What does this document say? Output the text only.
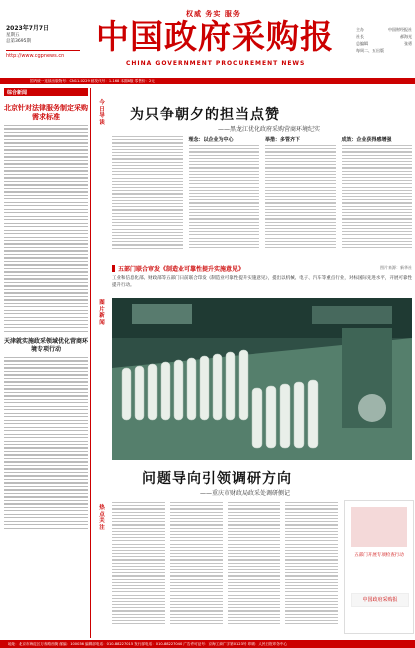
2023年7月7日
星期五
总第3695期
http://www.cgpnews.cn
权威 务实 服务
中国政府采购报
CHINA GOVERNMENT PROCUREMENT NEWS
主办	中国财经报社
社长	郝海光
总编辑	张勇
每周二、五出版
国内统一连续出版物号：CN11-0229 邮发代号：1-168 本期8版 零售价：2元
综合新闻
北京针对法律服务制定采购需求标准
天津就实施政采领域优化营商环境专项行动
今日导读
图片新闻
热点关注
为只争朝夕的担当点赞
——黑龙江优化政府采购营商环境纪实
理念：以企业为中心	举措：多管齐下	成效：企业获得感增强
五部门联合审发《制造业可靠性提升实施意见》	图片来源：新华社
工业和信息化部、财政部等五部门日前联合印发《制造业可靠性提升实施意见》，提出以机械、电子、汽车等重点行业，对标国际先进水平，开展可靠性提升行动。
问题导向引领调研方向
——重庆市财政局政采处调研侧记
五部门开展专项检查行动
中国政府采购报
地址：北京市海淀区万寿路西街 邮编：100036 编辑部电话：010-88227015 发行部电话：010-88227040 广告许可证号：京海工商广字第0123号 印刷：人民日报印务中心
